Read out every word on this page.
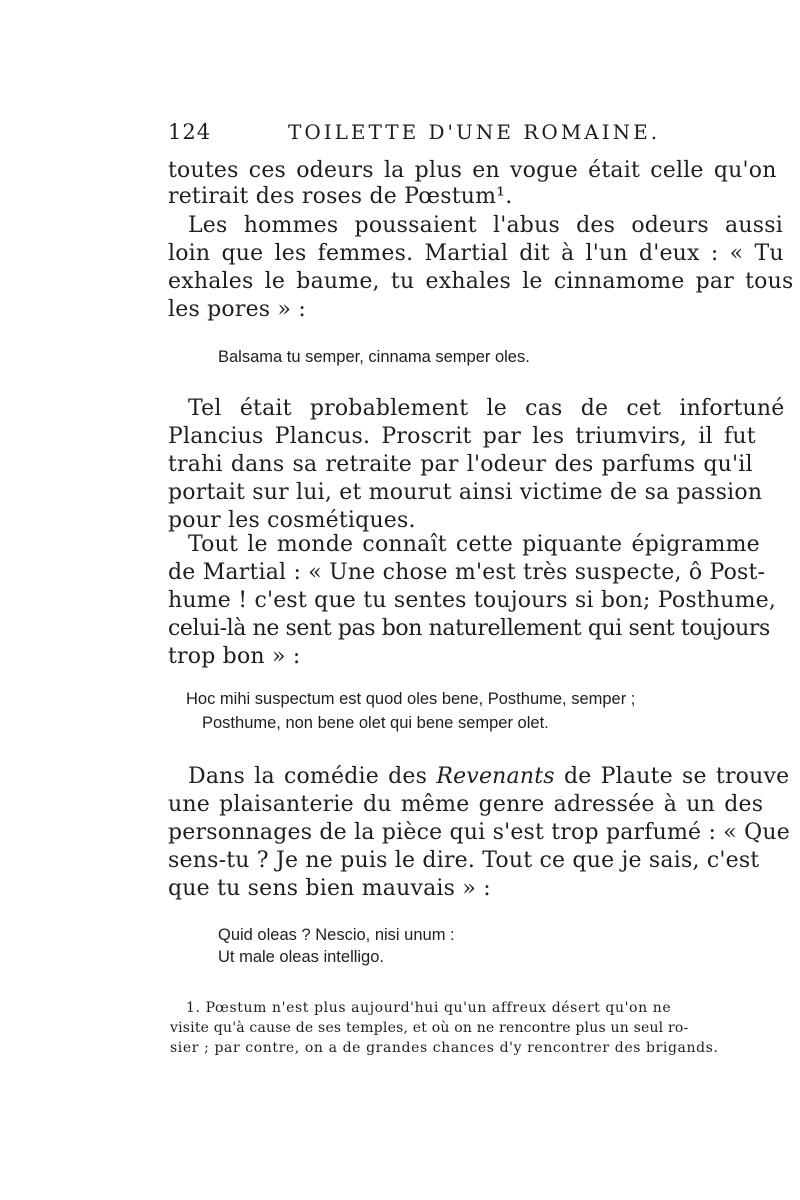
124	TOILETTE D'UNE ROMAINE.
toutes ces odeurs la plus en vogue était celle qu'on
retirait des roses de Pœstum¹.
Les hommes poussaient l'abus des odeurs aussi
loin que les femmes. Martial dit à l'un d'eux : « Tu
exhales le baume, tu exhales le cinnamome par tous
les pores » :
Balsama tu semper, cinnama semper oles.
Tel était probablement le cas de cet infortuné
Plancius Plancus. Proscrit par les triumvirs, il fut
trahi dans sa retraite par l'odeur des parfums qu'il
portait sur lui, et mourut ainsi victime de sa passion
pour les cosmétiques.
Tout le monde connaît cette piquante épigramme
de Martial : « Une chose m'est très suspecte, ô Post-
hume ! c'est que tu sentes toujours si bon; Posthume,
celui-là ne sent pas bon naturellement qui sent toujours
trop bon » :
Hoc mihi suspectum est quod oles bene, Posthume, semper ;
Posthume, non bene olet qui bene semper olet.
Dans la comédie des Revenants de Plaute se trouve
une plaisanterie du même genre adressée à un des
personnages de la pièce qui s'est trop parfumé : « Que
sens-tu ? Je ne puis le dire. Tout ce que je sais, c'est
que tu sens bien mauvais » :
Quid oleas ? Nescio, nisi unum :
Ut male oleas intelligo.
1. Pœstum n'est plus aujourd'hui qu'un affreux désert qu'on ne
visite qu'à cause de ses temples, et où on ne rencontre plus un seul ro-
sier ; par contre, on a de grandes chances d'y rencontrer des brigands.
